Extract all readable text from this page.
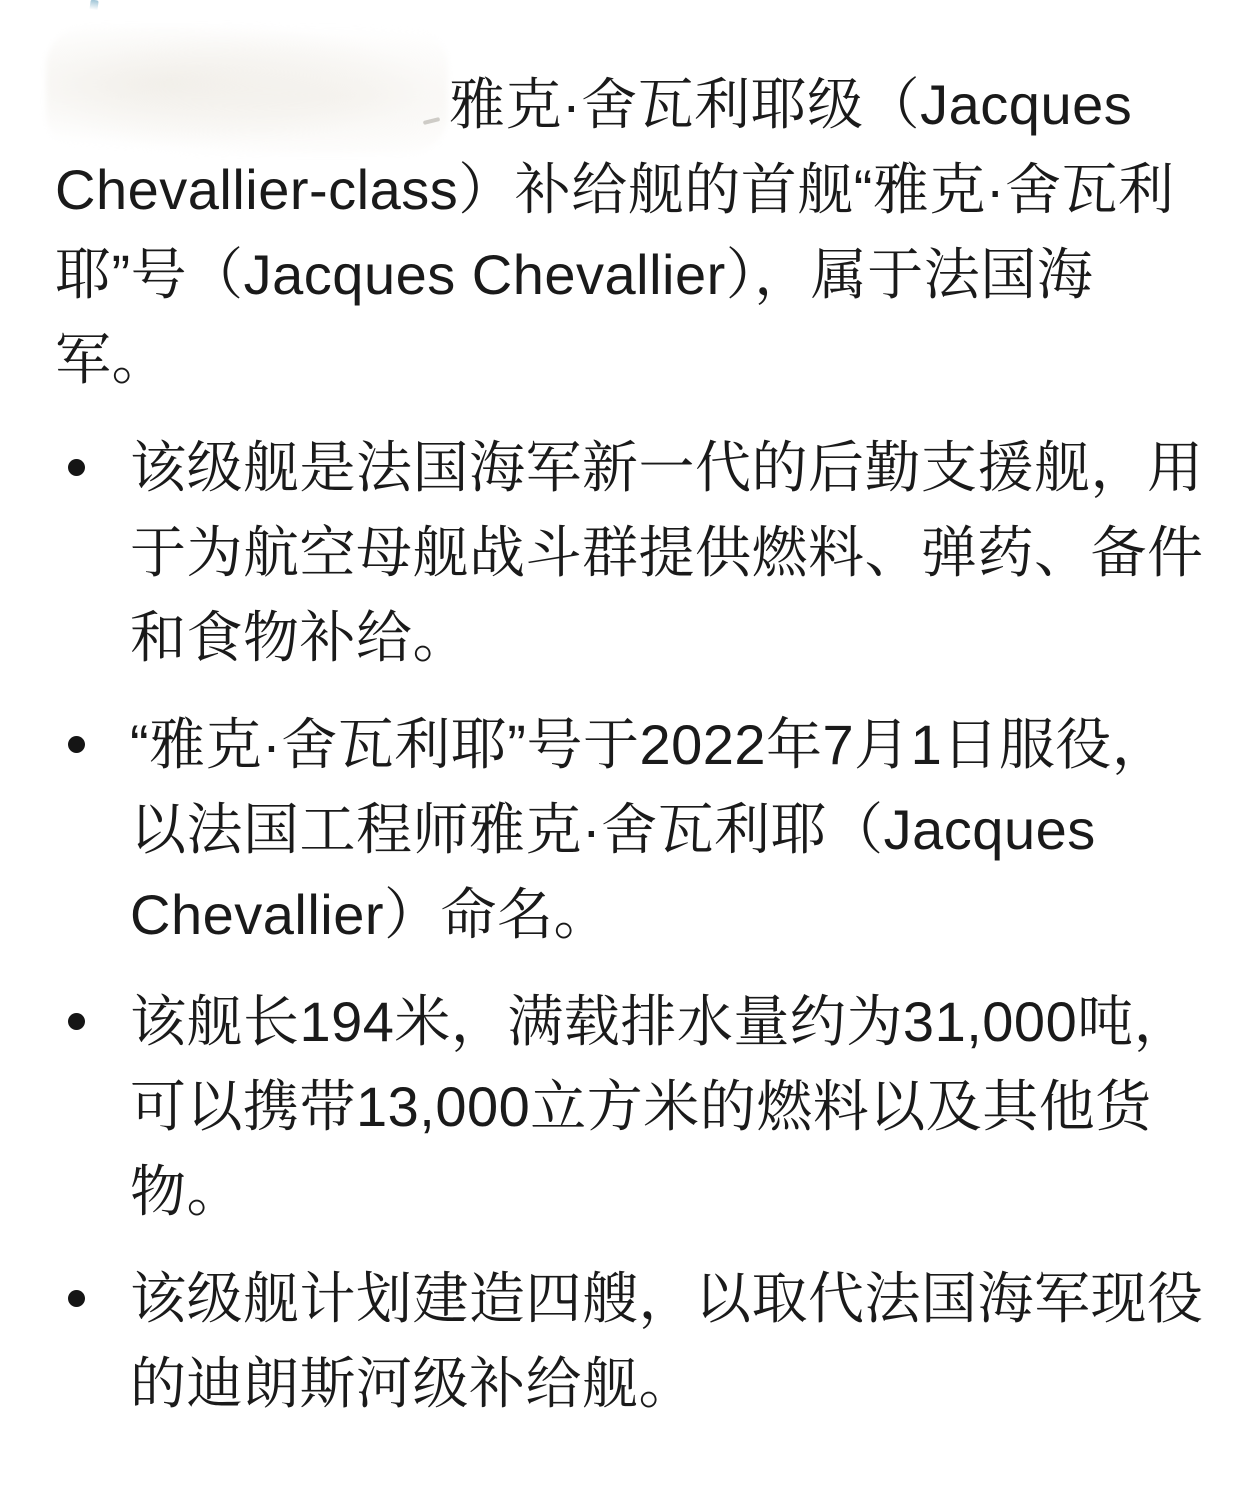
雅克·舍瓦利耶级（Jacques
Chevallier-class）补给舰的首舰“雅克·舍瓦利
耶”号（Jacques Chevallier），属于法国海
军。
该级舰是法国海军新一代的后勤支援舰，用
于为航空母舰战斗群提供燃料、弹药、备件
和食物补给。
“雅克·舍瓦利耶”号于2022年7月1日服役，
以法国工程师雅克·舍瓦利耶（Jacques
Chevallier）命名。
该舰长194米，满载排水量约为31,000吨，
可以携带13,000立方米的燃料以及其他货
物。
该级舰计划建造四艘，以取代法国海军现役
的迪朗斯河级补给舰。
